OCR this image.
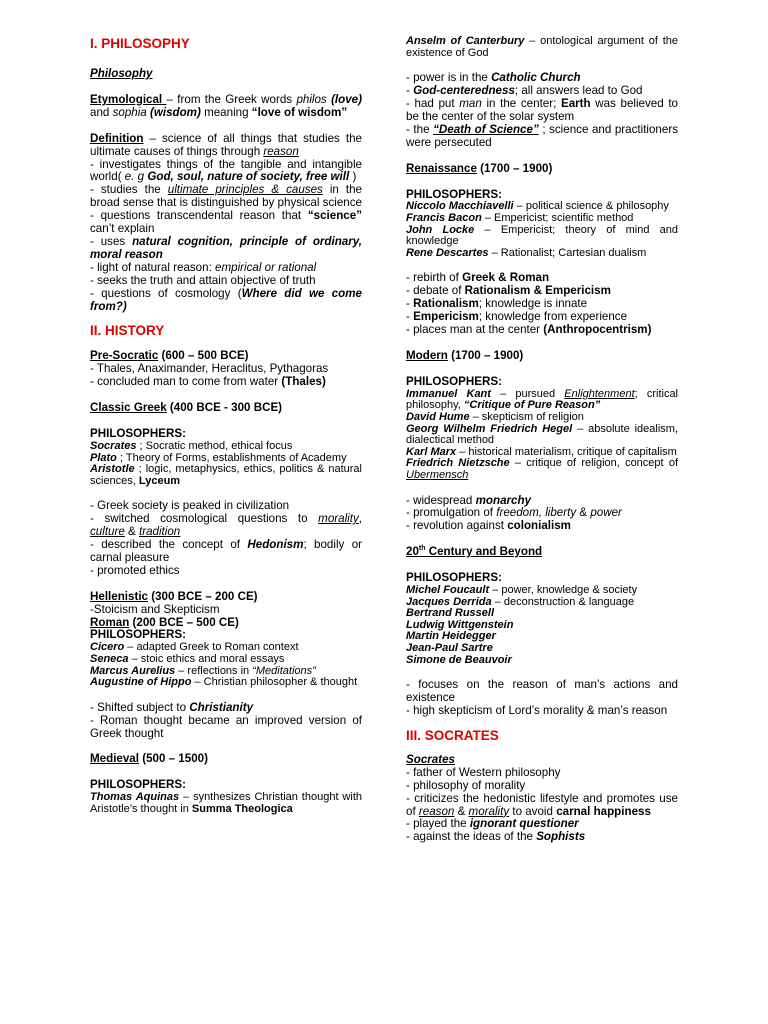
I. PHILOSOPHY
Philosophy
Etymological – from the Greek words philos (love) and sophia (wisdom) meaning “love of wisdom”
Definition – science of all things that studies the ultimate causes of things through reason
- investigates things of the tangible and intangible world( e. g God, soul, nature of society, free will )
- studies the ultimate principles & causes in the broad sense that is distinguished by physical science
- questions transcendental reason that “science” can’t explain
- uses natural cognition, principle of ordinary, moral reason
- light of natural reason: empirical or rational
- seeks the truth and attain objective of truth
- questions of cosmology (Where did we come from?)
II. HISTORY
Pre-Socratic (600 – 500 BCE)
- Thales, Anaximander, Heraclitus, Pythagoras
- concluded man to come from water (Thales)
Classic Greek (400 BCE - 300 BCE)
PHILOSOPHERS:
Socrates ; Socratic method, ethical focus
Plato ; Theory of Forms, establishments of Academy
Aristotle ; logic, metaphysics, ethics, politics & natural sciences, Lyceum
- Greek society is peaked in civilization
- switched cosmological questions to morality, culture & tradition
- described the concept of Hedonism; bodily or carnal pleasure
- promoted ethics
Hellenistic (300 BCE – 200 CE)
-Stoicism and Skepticism
Roman (200 BCE – 500 CE)
PHILOSOPHERS:
Cicero – adapted Greek to Roman context
Seneca – stoic ethics and moral essays
Marcus Aurelius – reflections in “Meditations”
Augustine of Hippo – Christian philosopher & thought
- Shifted subject to Christianity
- Roman thought became an improved version of Greek thought
Medieval (500 – 1500)
PHILOSOPHERS:
Thomas Aquinas – synthesizes Christian thought with Aristotle’s thought in Summa Theologica
Anselm of Canterbury – ontological argument of the existence of God
- power is in the Catholic Church
- God-centeredness; all answers lead to God
- had put man in the center; Earth was believed to be the center of the solar system
- the “Death of Science” ; science and practitioners were persecuted
Renaissance (1700 – 1900)
PHILOSOPHERS:
Niccolo Macchiavelli – political science & philosophy
Francis Bacon – Empericist; scientific method
John Locke – Empericist; theory of mind and knowledge
Rene Descartes – Rationalist; Cartesian dualism
- rebirth of Greek & Roman
- debate of Rationalism & Empericism
- Rationalism; knowledge is innate
- Empericism; knowledge from experience
- places man at the center (Anthropocentrism)
Modern (1700 – 1900)
PHILOSOPHERS:
Immanuel Kant – pursued Enlightenment; critical philosophy, “Critique of Pure Reason”
David Hume – skepticism of religion
Georg Wilhelm Friedrich Hegel – absolute idealism, dialectical method
Karl Marx – historical materialism, critique of capitalism
Friedrich Nietzsche – critique of religion, concept of Ubermensch
- widespread monarchy
- promulgation of freedom, liberty & power
- revolution against colonialism
20th Century and Beyond
PHILOSOPHERS:
Michel Foucault – power, knowledge & society
Jacques Derrida – deconstruction & language
Bertrand Russell
Ludwig Wittgenstein
Martin Heidegger
Jean-Paul Sartre
Simone de Beauvoir
- focuses on the reason of man’s actions and existence
- high skepticism of Lord’s morality & man’s reason
III. SOCRATES
Socrates
- father of Western philosophy
- philosophy of morality
- criticizes the hedonistic lifestyle and promotes use of reason & morality to avoid carnal happiness
- played the ignorant questioner
- against the ideas of the Sophists
